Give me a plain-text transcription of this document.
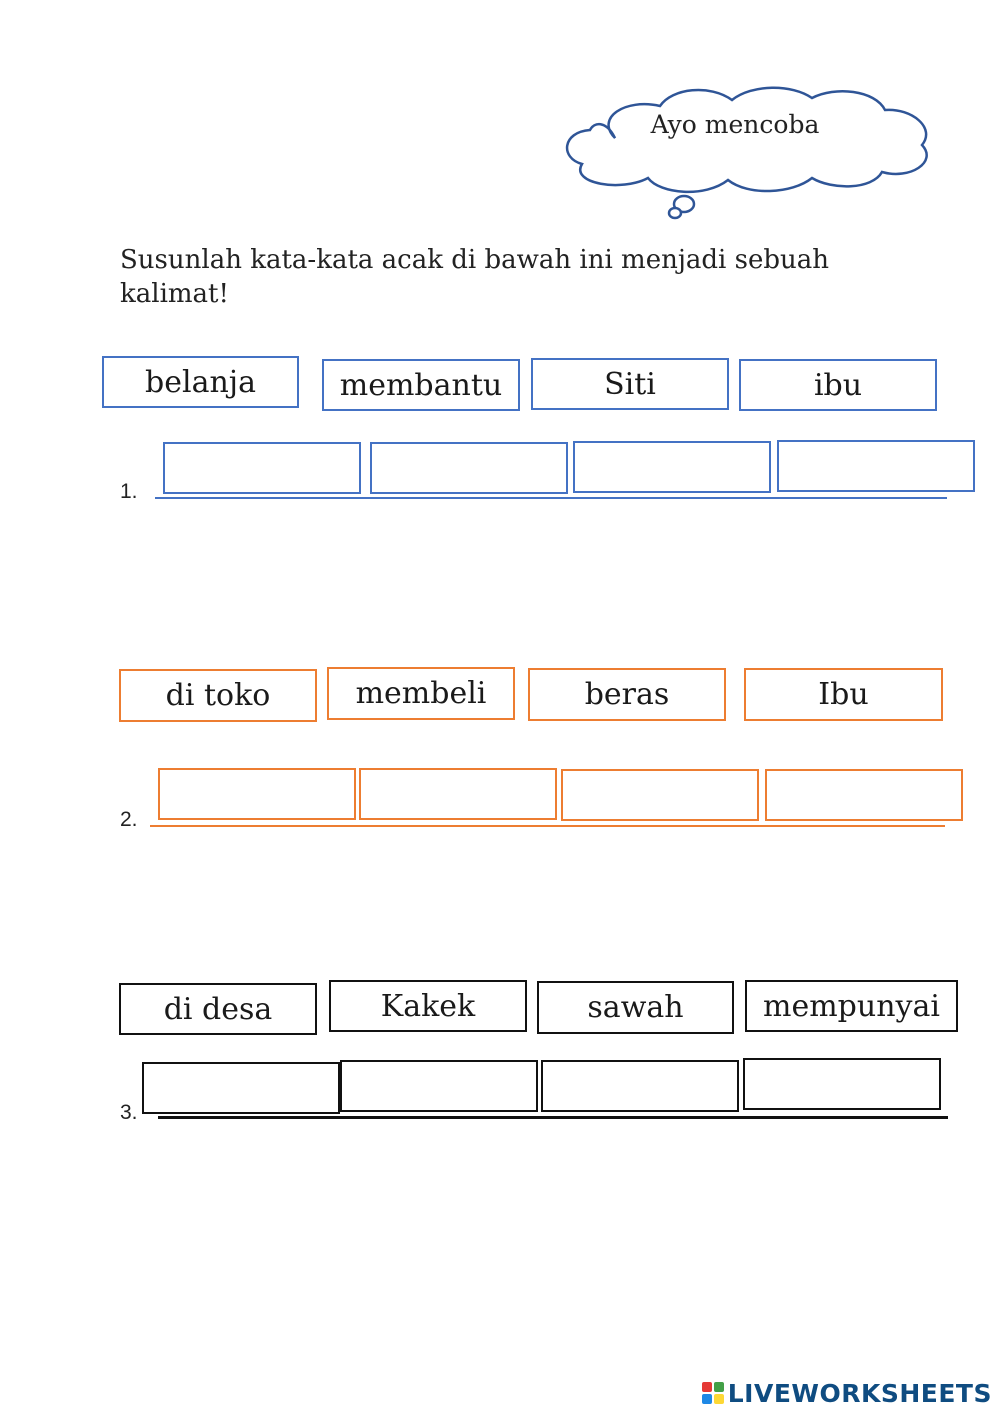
Ayo mencoba
Susunlah kata-kata acak di bawah ini menjadi sebuah kalimat!
belanja	membantu	Siti	ibu
1.
di toko	membeli	beras	Ibu
2.
di desa	Kakek	sawah	mempunyai
3.
LIVEWORKSHEETS
